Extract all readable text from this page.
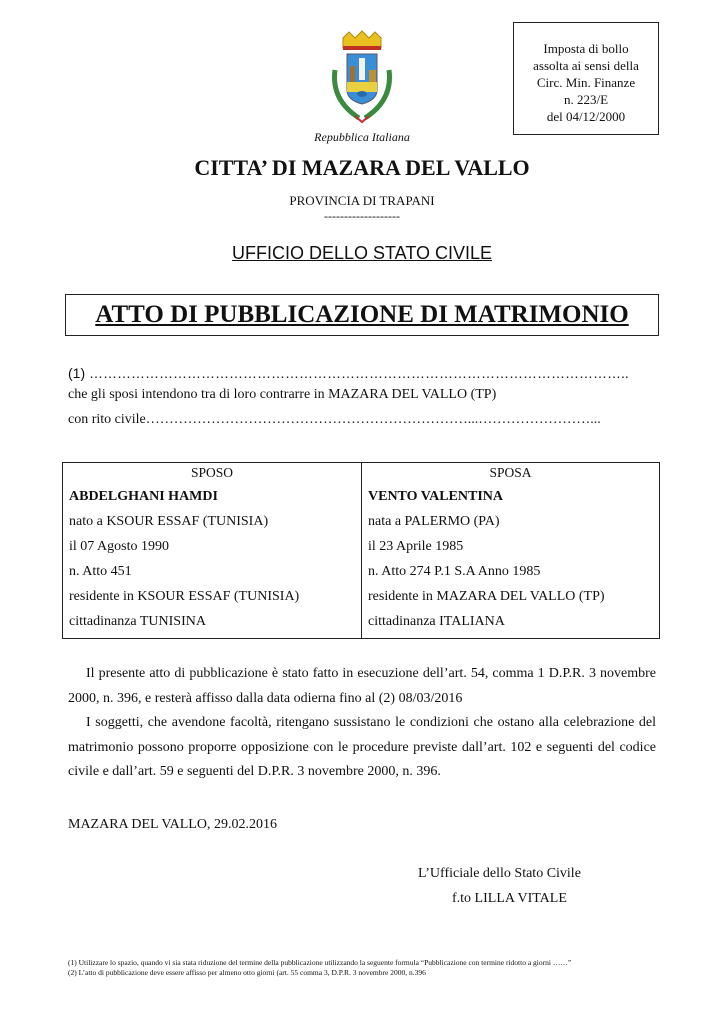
Imposta di bollo
assolta ai sensi della
Circ. Min. Finanze
n. 223/E
del 04/12/2000
Repubblica Italiana
CITTA’ DI MAZARA DEL VALLO
PROVINCIA DI TRAPANI
-------------------
UFFICIO DELLO STATO CIVILE
ATTO DI PUBBLICAZIONE DI MATRIMONIO
(1) ……………………………………………………………………………………………………..
che gli sposi intendono tra di loro contrarre in MAZARA DEL VALLO (TP)
con rito civile……………………………………………………………...……………………...
SPOSO
ABDELGHANI HAMDI
nato a KSOUR ESSAF (TUNISIA)
il 07 Agosto 1990
n. Atto 451
residente in KSOUR ESSAF (TUNISIA)
cittadinanza TUNISINA
SPOSA
VENTO VALENTINA
nata a PALERMO (PA)
il 23 Aprile 1985
n. Atto 274 P.1 S.A Anno 1985
residente in MAZARA DEL VALLO (TP)
cittadinanza ITALIANA
Il presente atto di pubblicazione è stato fatto in esecuzione dell’art. 54, comma 1 D.P.R. 3 novembre 2000, n. 396, e resterà affisso dalla data odierna fino al (2) 08/03/2016
I soggetti, che avendone facoltà, ritengano sussistano le condizioni che ostano alla celebrazione del matrimonio possono proporre opposizione con le procedure previste dall’art. 102 e seguenti del codice civile e dall’art. 59 e seguenti del D.P.R. 3 novembre 2000, n. 396.
MAZARA DEL VALLO, 29.02.2016
L’Ufficiale dello Stato Civile
f.to LILLA VITALE
(1) Utilizzare lo spazio, quando vi sia stata riduzione del termine della pubblicazione utilizzando la seguente formula “Pubblicazione con termine ridotto a giorni ……”
(2) L’atto di pubblicazione deve essere affisso per almeno otto giorni (art. 55 comma 3, D.P.R. 3 novembre 2000, n.396
